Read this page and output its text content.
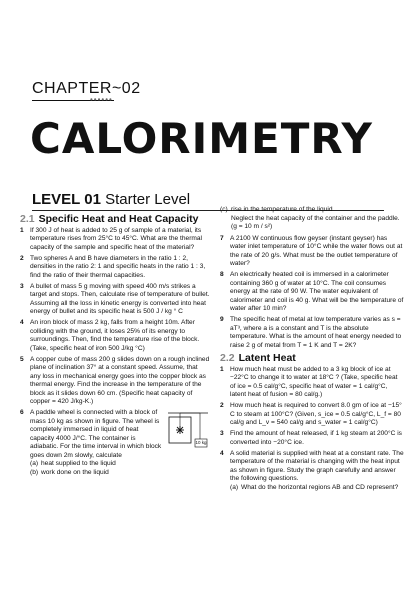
CHAPTER~02
••••••
CALORIMETRY
LEVEL 01 Starter Level
2.1 Specific Heat and Heat Capacity
1 If 300 J of heat is added to 25 g of sample of a material, its temperature rises from 25°C to 45°C. What are the thermal capacity of the sample and specific heat of the material?
2 Two spheres A and B have diameters in the ratio 1 : 2, densities in the ratio 2: 1 and specific heats in the ratio 1 : 3, find the ratio of their thermal capacities.
3 A bullet of mass 5 g moving with speed 400 m/s strikes a target and stops. Then, calculate rise of temperature of bullet. Assuming all the loss in kinetic energy is converted into heat energy of bullet and its specific heat is 500 J / kg ° C
4 An iron block of mass 2 kg, falls from a height 10m. After colliding with the ground, it loses 25% of its energy to surroundings. Then, find the temperature rise of the block. (Take, specific heat of iron 500 J/kg °C)
5 A copper cube of mass 200 g slides down on a rough inclined plane of inclination 37° at a constant speed. Assume, that any loss in mechanical energy goes into the copper block as thermal energy. Find the increase in the temperature of the block as it slides down 60 cm. (Specific heat capacity of copper = 420 J/kg-K.)
6 A paddle wheel is connected with a block of mass 10 kg as shown in figure. The wheel is completely immersed in liquid of heat capacity 4000 J/°C. The container is adiabatic. For the time interval in which block goes down 2m slowly, calculate
10 kg
(a) heat supplied to the liquid
(b) work done on the liquid
(c) rise in the temperature of the liquid
Neglect the heat capacity of the container and the paddle. (g = 10 m / s²)
7 A 2100 W continuous flow geyser (instant geyser) has water inlet temperature of 10°C while the water flows out at the rate of 20 g/s. What must be the outlet temperature of water?
8 An electrically heated coil is immersed in a calorimeter containing 360 g of water at 10°C. The coil consumes energy at the rate of 90 W. The water equivalent of calorimeter and coil is 40 g. What will be the temperature of water after 10 min?
9 The specific heat of metal at low temperature varies as s = aT³, where a is a constant and T is the absolute temperature. What is the amount of heat energy needed to raise 2 g of metal from T = 1 K and T = 2K?
2.2 Latent Heat
1 How much heat must be added to a 3 kg block of ice at −22°C to change it to water at 18°C ? (Take, specific heat of ice = 0.5 cal/g°C, specific heat of water = 1 cal/g°C, latent heat of fusion = 80 cal/g.)
2 How much heat is required to convert 8.0 gm of ice at −15° C to steam at 100°C? (Given, s_ice = 0.5 cal/g°C, L_f = 80 cal/g and L_v = 540 cal/g and s_water = 1 cal/g°C)
3 Find the amount of heat released, if 1 kg steam at 200°C is converted into −20°C ice.
4 A solid material is supplied with heat at a constant rate. The temperature of the material is changing with the heat input as shown in figure. Study the graph carefully and answer the following questions.
(a) What do the horizontal regions AB and CD represent?
